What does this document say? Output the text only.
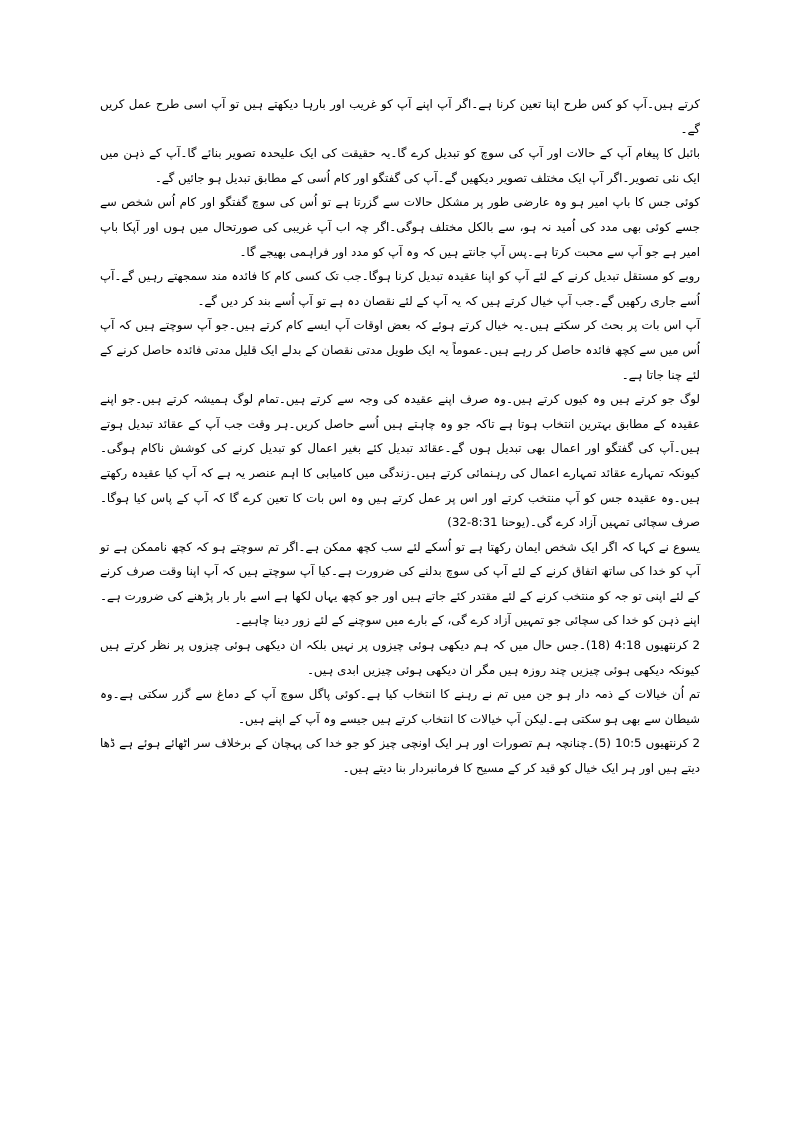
کرتے ہیں۔آپ کو کس طرح اپنا تعین کرنا ہے۔اگر آپ اپنے آپ کو غریب اور بارہا دیکھتے ہیں تو آپ اسی طرح عمل کریں گے۔

بائبل کا پیغام آپ کے حالات اور آپ کی سوچ کو تبدیل کرے گا۔یہ حقیقت کی ایک علیحدہ تصویر بنائے گا۔آپ کے ذہن میں ایک نئی تصویر۔اگر آپ ایک مختلف تصویر دیکھیں گے۔آپ کی گفتگو اور کام اُسی کے مطابق تبدیل ہو جائیں گے۔

کوئی جس کا باپ امیر ہو وہ عارضی طور پر مشکل حالات سے گزرتا ہے تو اُس کی سوچ گفتگو اور کام اُس شخص سے جسے کوئی بھی مدد کی اُمید نہ ہو، سے بالکل مختلف ہوگی۔اگر چہ اب آپ غریبی کی صورتحال میں ہوں اور آپکا باپ امیر ہے جو آپ سے محبت کرتا ہے۔پس آپ جانتے ہیں کہ وہ آپ کو مدد اور فراہمی بھیجے گا۔

رویے کو مستقل تبدیل کرنے کے لئے آپ کو اپنا عقیدہ تبدیل کرنا ہوگا۔جب تک کسی کام کا فائدہ مند سمجھتے رہیں گے۔آپ اُسے جاری رکھیں گے۔جب آپ خیال کرتے ہیں کہ یہ آپ کے لئے نقصان دہ ہے تو آپ اُسے بند کر دیں گے۔

آپ اس بات پر بحث کر سکتے ہیں۔یہ خیال کرتے ہوئے کہ بعض اوقات آپ ایسے کام کرتے ہیں۔جو آپ سوچتے ہیں کہ آپ اُس میں سے کچھ فائدہ حاصل کر رہے ہیں۔عموماً یہ ایک طویل مدتی نقصان کے بدلے ایک قلیل مدتی فائدہ حاصل کرنے کے لئے چنا جاتا ہے۔

لوگ جو کرتے ہیں وہ کیوں کرتے ہیں۔وہ صرف اپنے عقیدہ کی وجہ سے کرتے ہیں۔تمام لوگ ہمیشہ کرتے ہیں۔جو اپنے عقیدہ کے مطابق بہترین انتخاب ہوتا ہے تاکہ جو وہ چاہتے ہیں اُسے حاصل کریں۔ہر وقت جب آپ کے عقائد تبدیل ہوتے ہیں۔آپ کی گفتگو اور اعمال بھی تبدیل ہوں گے۔عقائد تبدیل کئے بغیر اعمال کو تبدیل کرنے کی کوشش ناکام ہوگی۔کیونکہ تمہارے عقائد تمہارے اعمال کی رہنمائی کرتے ہیں۔زندگی میں کامیابی کا اہم عنصر یہ ہے کہ آپ کیا عقیدہ رکھتے ہیں۔وہ عقیدہ جس کو آپ منتخب کرتے اور اس پر عمل کرتے ہیں وہ اس بات کا تعین کرے گا کہ آپ کے پاس کیا ہوگا۔صرف سچائی تمہیں آزاد کرے گی۔(یوحنا 8:31-32)

یسوع نے کہا کہ اگر ایک شخص ایمان رکھتا ہے تو اُسکے لئے سب کچھ ممکن ہے۔اگر تم سوچتے ہو کہ کچھ ناممکن ہے تو آپ کو خدا کی ساتھ اتفاق کرنے کے لئے آپ کی سوچ بدلنے کی ضرورت ہے۔کیا آپ سوچتے ہیں کہ آپ اپنا وقت صرف کرنے کے لئے اپنی تو جہ کو منتخب کرنے کے لئے مقتدر کئے جاتے ہیں اور جو کچھ یہاں لکھا ہے اسے بار بار پڑھنے کی ضرورت ہے۔اپنے ذہن کو خدا کی سچائی جو تمہیں آزاد کرے گی، کے بارے میں سوچنے کے لئے زور دینا چاہیے۔

2 کرنتھیوں 4:18 (18)۔جس حال میں کہ ہم دیکھی ہوئی چیزوں پر نہیں بلکہ ان دیکھی ہوئی چیزوں پر نظر کرتے ہیں کیونکہ دیکھی ہوئی چیزیں چند روزہ ہیں مگر ان دیکھی ہوئی چیزیں ابدی ہیں۔

تم اُن خیالات کے ذمہ دار ہو جن میں تم نے رہنے کا انتخاب کیا ہے۔کوئی پاگل سوچ آپ کے دماغ سے گزر سکتی ہے۔وہ شیطان سے بھی ہو سکتی ہے۔لیکن آپ خیالات کا انتخاب کرتے ہیں جیسے وہ آپ کے اپنے ہیں۔

2 کرنتھیوں 10:5 (5)۔چنانچہ ہم تصورات اور ہر ایک اونچی چیز کو جو خدا کی پہچان کے برخلاف سر اٹھائے ہوئے ہے ڈھا دیتے ہیں اور ہر ایک خیال کو قید کر کے مسیح کا فرمانبردار بنا دیتے ہیں۔
